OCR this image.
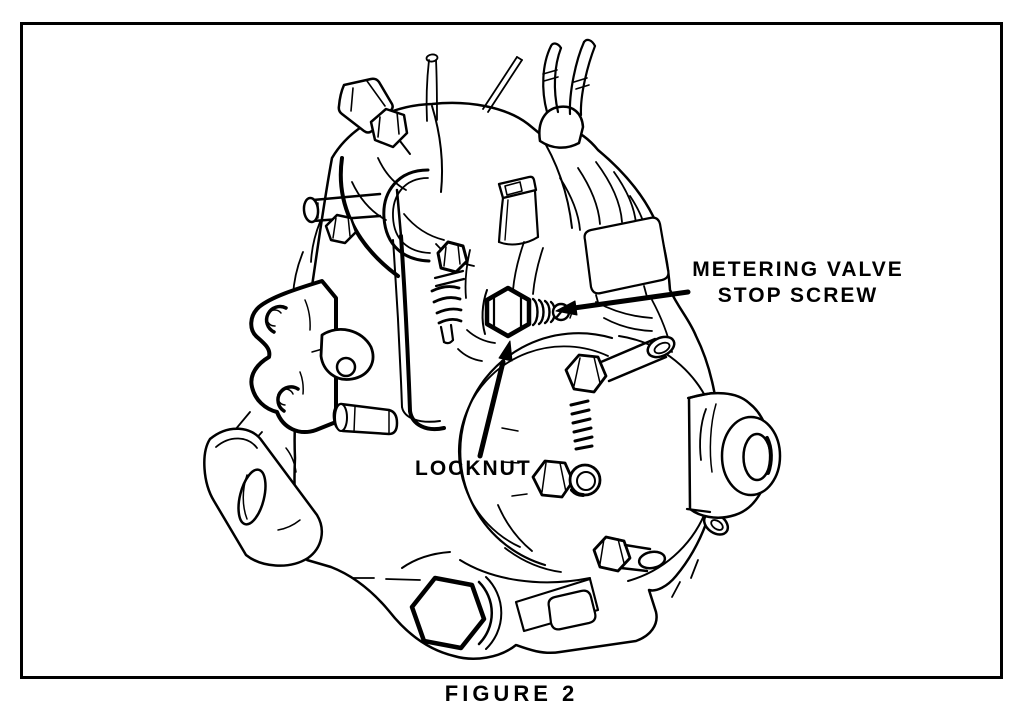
METERING VALVE
STOP SCREW
LOCKNUT
FIGURE 2
